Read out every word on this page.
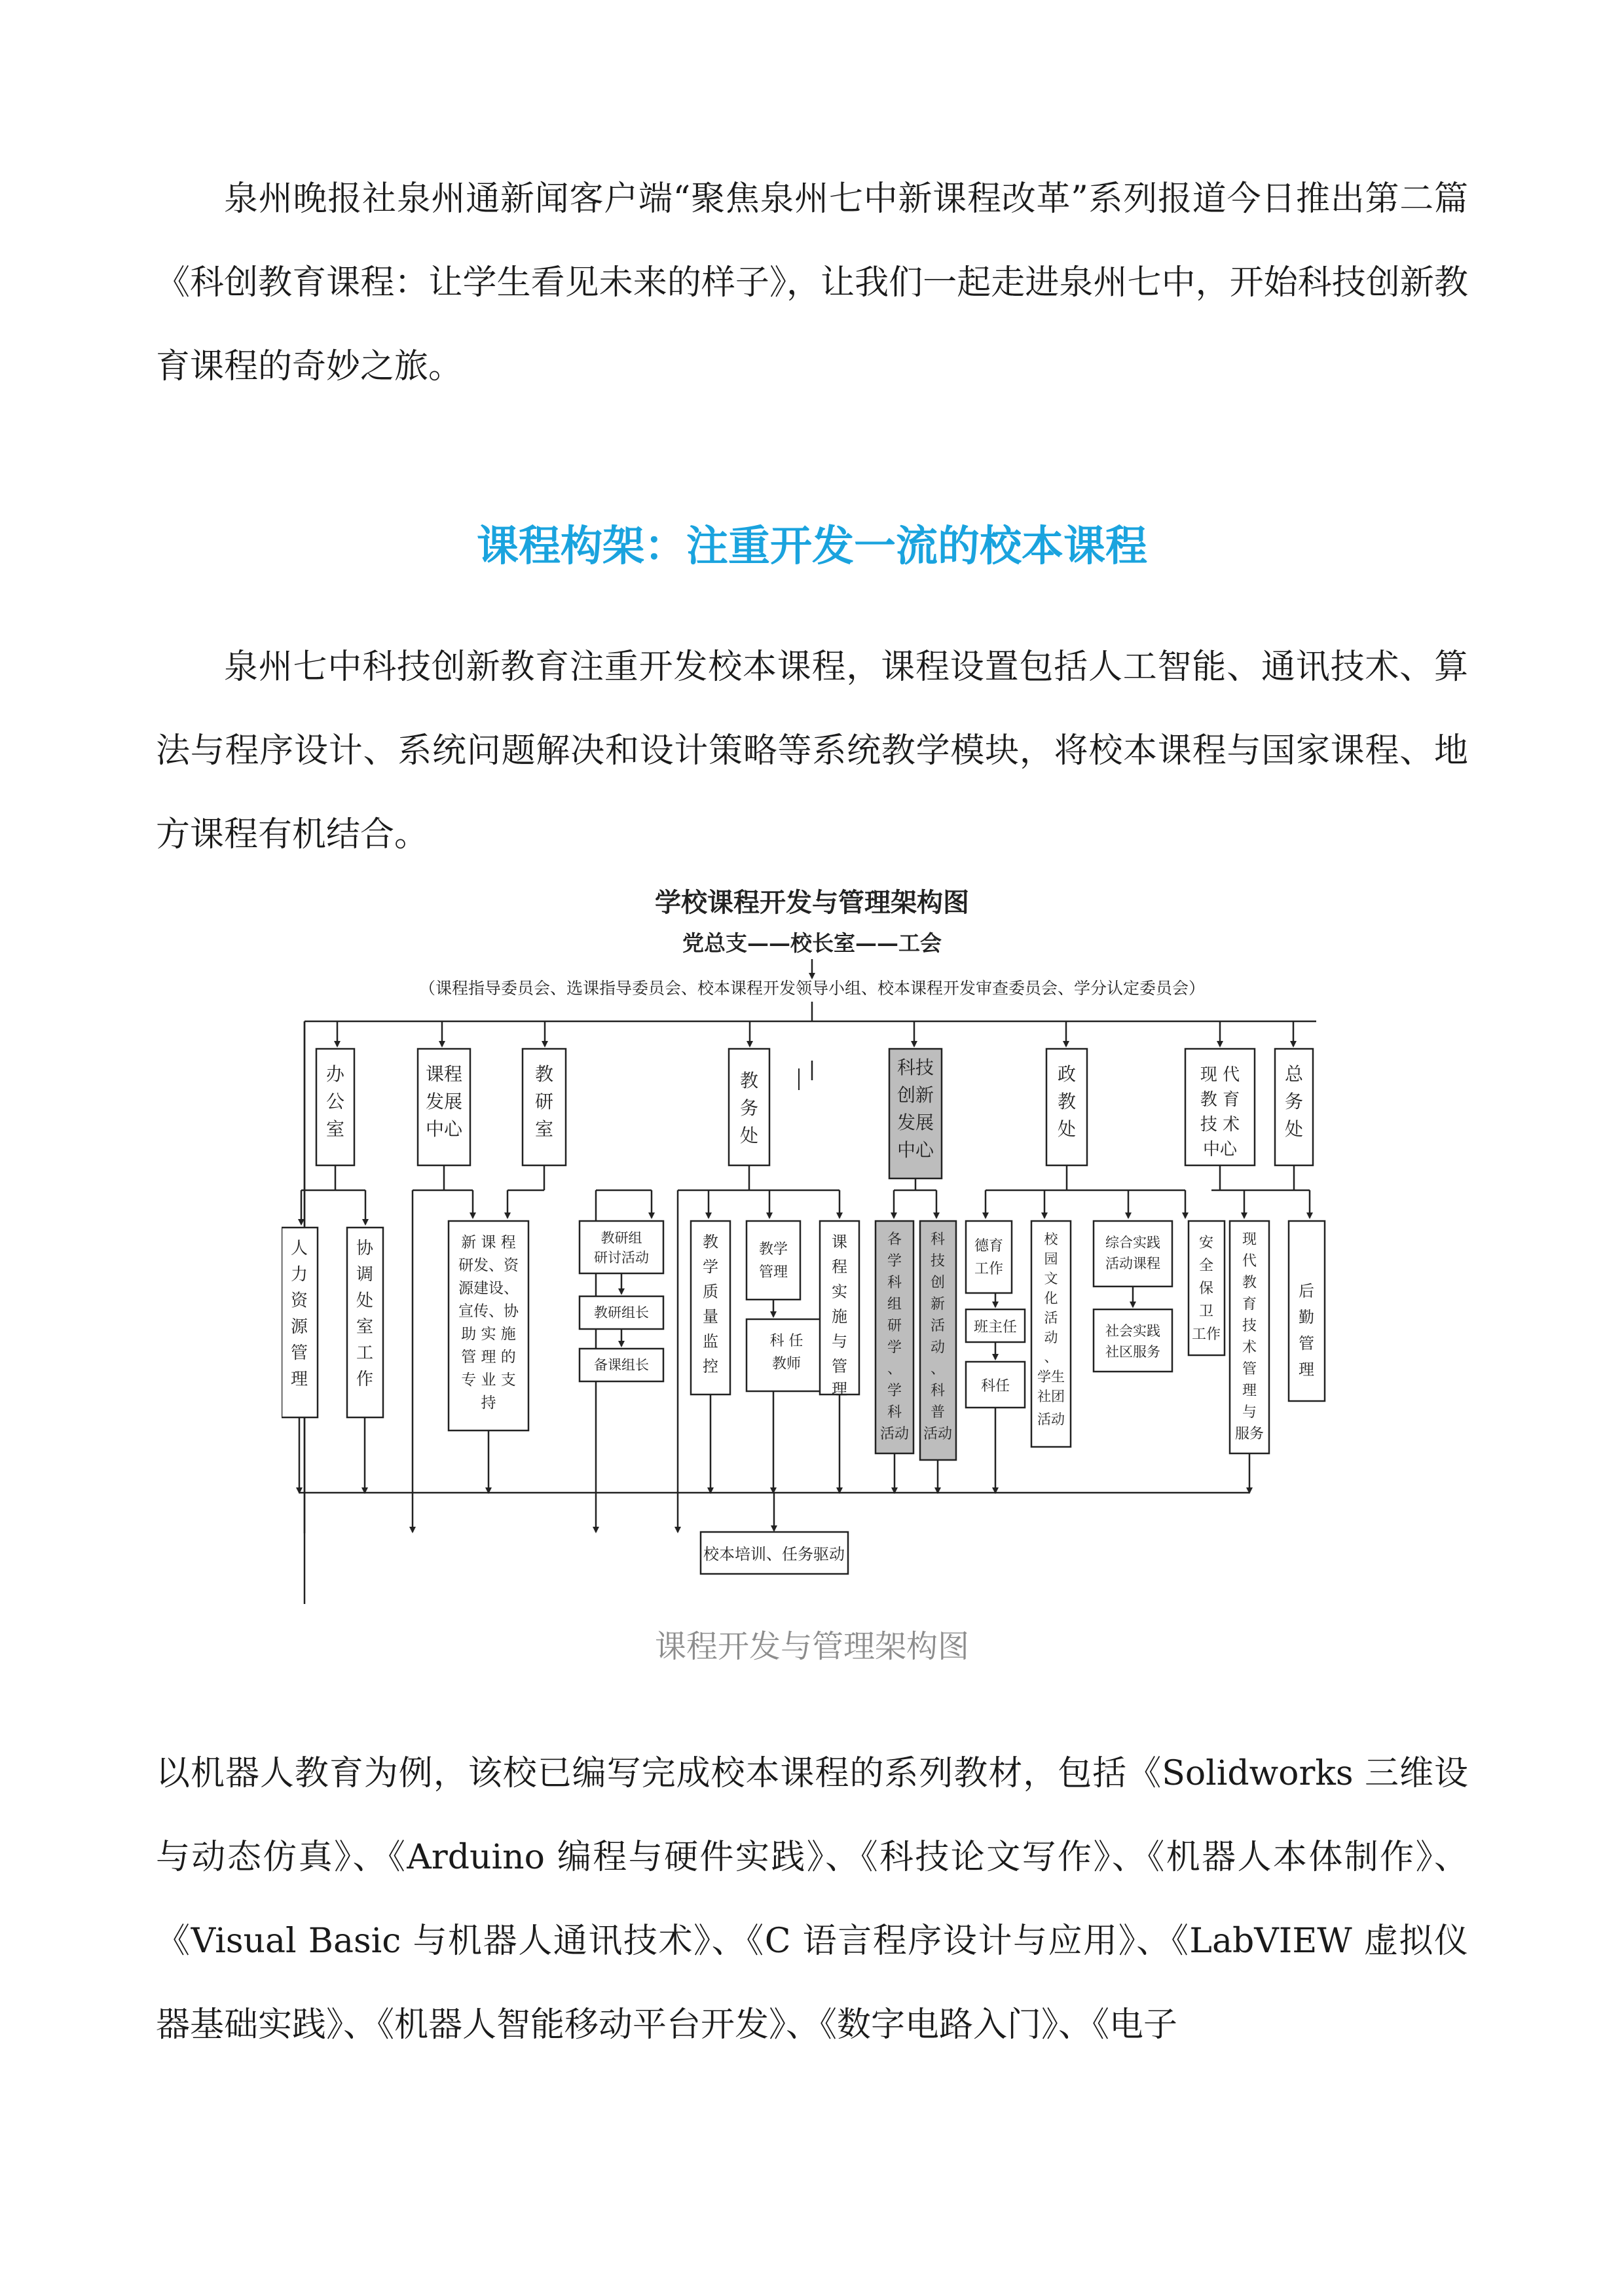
泉州晚报社泉州通新闻客户端“聚焦泉州七中新课程改革”系列报道今日推出第二篇《科创教育课程：让学生看见未来的样子》，让我们一起走进泉州七中，开始科技创新教育课程的奇妙之旅。

课程构架：注重开发一流的校本课程

泉州七中科技创新教育注重开发校本课程，课程设置包括人工智能、通讯技术、算法与程序设计、系统问题解决和设计策略等系统教学模块，将校本课程与国家课程、地方课程有机结合。

学校课程开发与管理架构图
党总支——校长室——工会
（课程指导委员会、选课指导委员会、校本课程开发领导小组、校本课程开发审查委员会、学分认定委员会）
办公室
课程发展中心
教研室
教务处
科技创新发展中心
政教处
现 代教 育技 术中心
总务处
人力资源管理
协调处室工作
新 课 程研发、资源建设、宣传、协助 实 施管 理 的专 业 支持
教研组研讨活动
教研组长
备课组长
教学质量监控
教学管理
科 任教师
课程实施与管理
各学科组研学、学科活动
科技创新活动、科普活动
德育工作
班主任
科任
校园文化活动、学生社团活动
综合实践活动课程
社会实践社区服务
安全保卫工作
现代教育技术管理与服务
后勤管理
校本培训、任务驱动

课程开发与管理架构图

以机器人教育为例，该校已编写完成校本课程的系列教材，包括《Solidworks 三维设与动态仿真》、《Arduino 编程与硬件实践》、《科技论文写作》、《机器人本体制作》、《Visual Basic 与机器人通讯技术》、《C 语言程序设计与应用》、《LabVIEW 虚拟仪器基础实践》、《机器人智能移动平台开发》、《数字电路入门》、《电子
